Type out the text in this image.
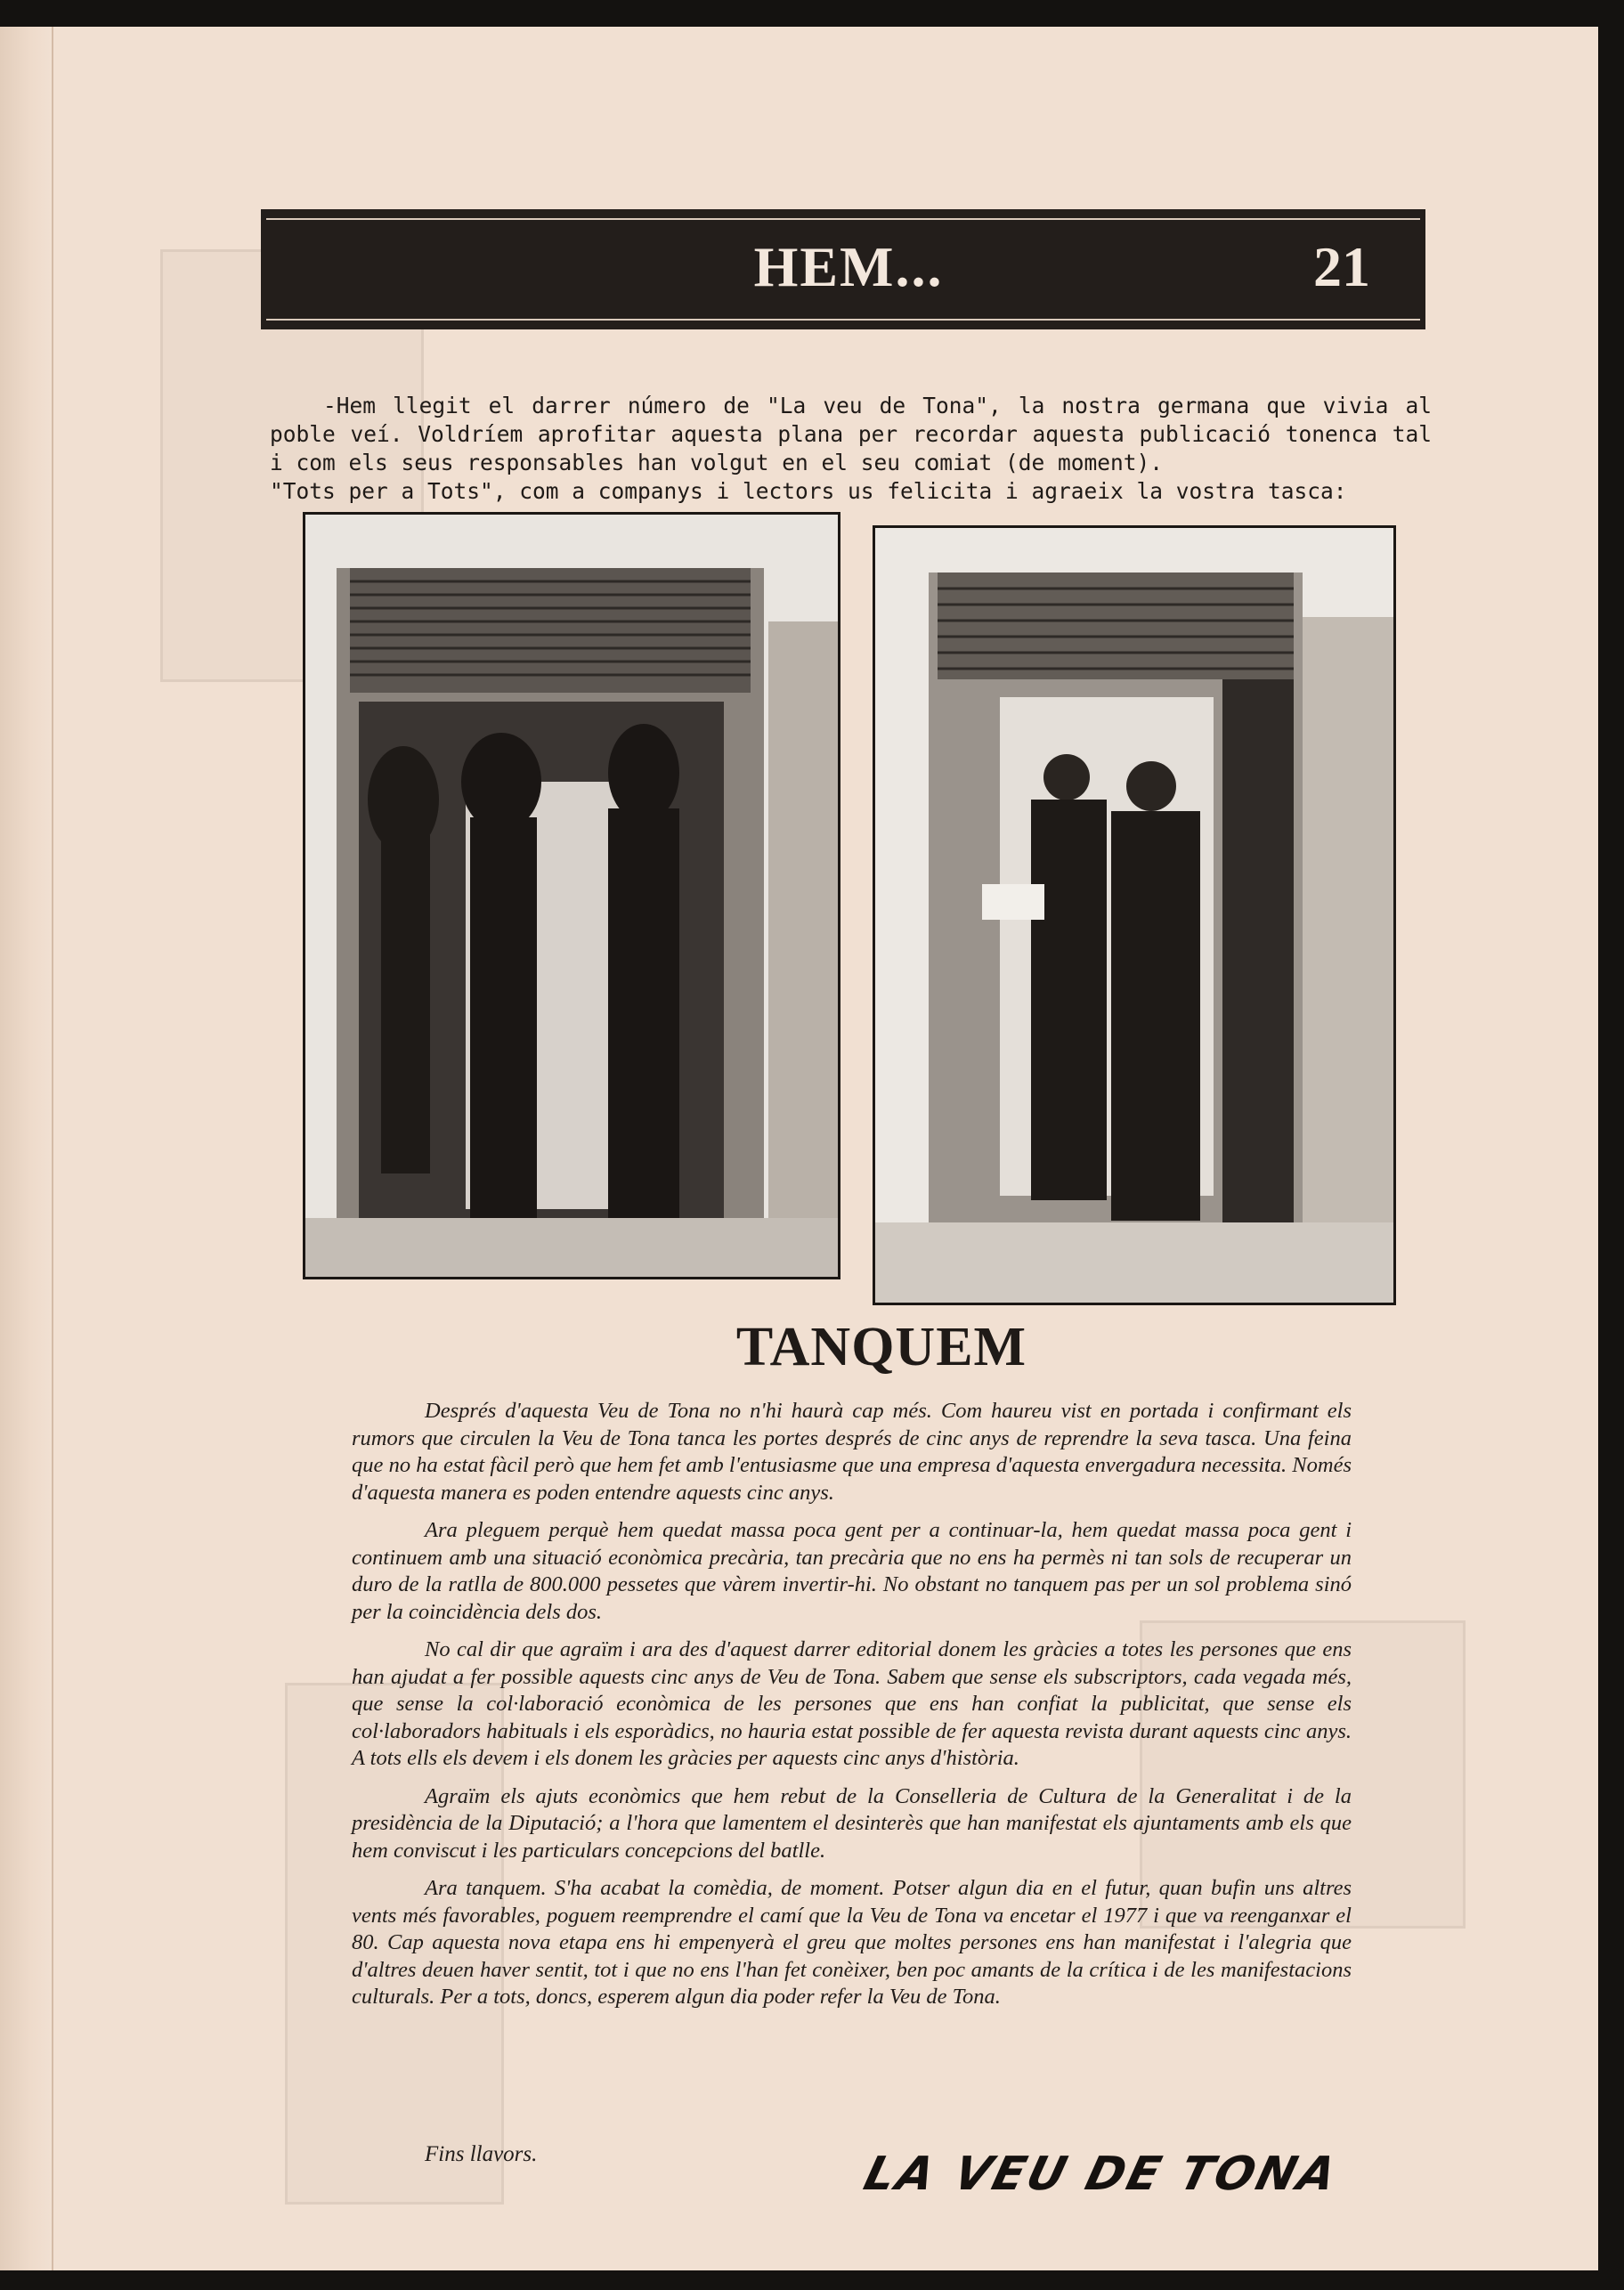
HEM...	21

-Hem llegit el darrer número de "La veu de Tona", la nostra germana que vivia al poble veí. Voldríem aprofitar aquesta plana per recordar aquesta publicació tonenca tal i com els seus responsables han volgut en el seu comiat (de moment).

"Tots per a Tots", com a companys i lectors us felicita i agraeix la vostra tasca:

TANQUEM

Després d'aquesta Veu de Tona no n'hi haurà cap més. Com haureu vist en portada i confirmant els rumors que circulen la Veu de Tona tanca les portes després de cinc anys de reprendre la seva tasca. Una feina que no ha estat fàcil però que hem fet amb l'entusiasme que una empresa d'aquesta envergadura necessita. Només d'aquesta manera es poden entendre aquests cinc anys.

Ara pleguem perquè hem quedat massa poca gent per a continuar-la, hem quedat massa poca gent i continuem amb una situació econòmica precària, tan precària que no ens ha permès ni tan sols de recuperar un duro de la ratlla de 800.000 pessetes que vàrem invertir-hi. No obstant no tanquem pas per un sol problema sinó per la coincidència dels dos.

No cal dir que agraïm i ara des d'aquest darrer editorial donem les gràcies a totes les persones que ens han ajudat a fer possible aquests cinc anys de Veu de Tona. Sabem que sense els subscriptors, cada vegada més, que sense la col·laboració econòmica de les persones que ens han confiat la publicitat, que sense els col·laboradors habituals i els esporàdics, no hauria estat possible de fer aquesta revista durant aquests cinc anys. A tots ells els devem i els donem les gràcies per aquests cinc anys d'història.

Agraïm els ajuts econòmics que hem rebut de la Conselleria de Cultura de la Generalitat i de la presidència de la Diputació; a l'hora que lamentem el desinterès que han manifestat els ajuntaments amb els que hem conviscut i les particulars concepcions del batlle.

Ara tanquem. S'ha acabat la comèdia, de moment. Potser algun dia en el futur, quan bufin uns altres vents més favorables, poguem reemprendre el camí que la Veu de Tona va encetar el 1977 i que va reenganxar el 80. Cap aquesta nova etapa ens hi empenyerà el greu que moltes persones ens han manifestat i l'alegria que d'altres deuen haver sentit, tot i que no ens l'han fet conèixer, ben poc amants de la crítica i de les manifestacions culturals. Per a tots, doncs, esperem algun dia poder refer la Veu de Tona.

Fins llavors.	LA VEU DE TONA
